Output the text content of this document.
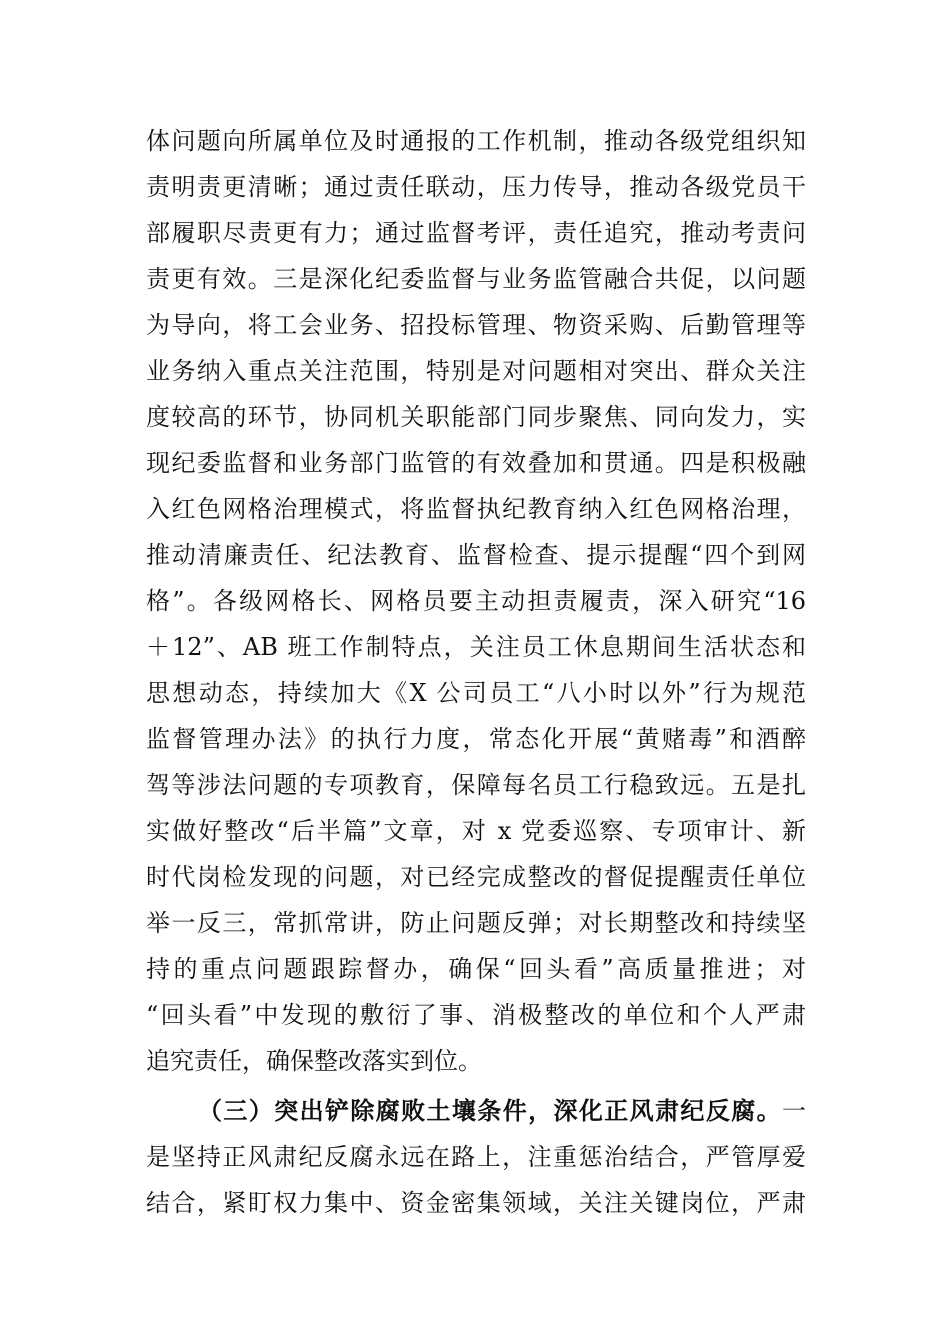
体问题向所属单位及时通报的工作机制，推动各级党组织知
责明责更清晰；通过责任联动，压力传导，推动各级党员干
部履职尽责更有力；通过监督考评，责任追究，推动考责问
责更有效。三是深化纪委监督与业务监管融合共促，以问题
为导向，将工会业务、招投标管理、物资采购、后勤管理等
业务纳入重点关注范围，特别是对问题相对突出、群众关注
度较高的环节，协同机关职能部门同步聚焦、同向发力，实
现纪委监督和业务部门监管的有效叠加和贯通。四是积极融
入红色网格治理模式，将监督执纪教育纳入红色网格治理，
推动清廉责任、纪法教育、监督检查、提示提醒“四个到网
格”。各级网格长、网格员要主动担责履责，深入研究“16
＋12”、AB 班工作制特点，关注员工休息期间生活状态和
思想动态，持续加大《X 公司员工“八小时以外”行为规范
监督管理办法》的执行力度，常态化开展“黄赌毒”和酒醉
驾等涉法问题的专项教育，保障每名员工行稳致远。五是扎
实做好整改“后半篇”文章，对 x 党委巡察、专项审计、新
时代岗检发现的问题，对已经完成整改的督促提醒责任单位
举一反三，常抓常讲，防止问题反弹；对长期整改和持续坚
持的重点问题跟踪督办，确保“回头看”高质量推进；对
“回头看”中发现的敷衍了事、消极整改的单位和个人严肃
追究责任，确保整改落实到位。
（三）突出铲除腐败土壤条件，深化正风肃纪反腐。一
是坚持正风肃纪反腐永远在路上，注重惩治结合，严管厚爱
结合，紧盯权力集中、资金密集领域，关注关键岗位，严肃
